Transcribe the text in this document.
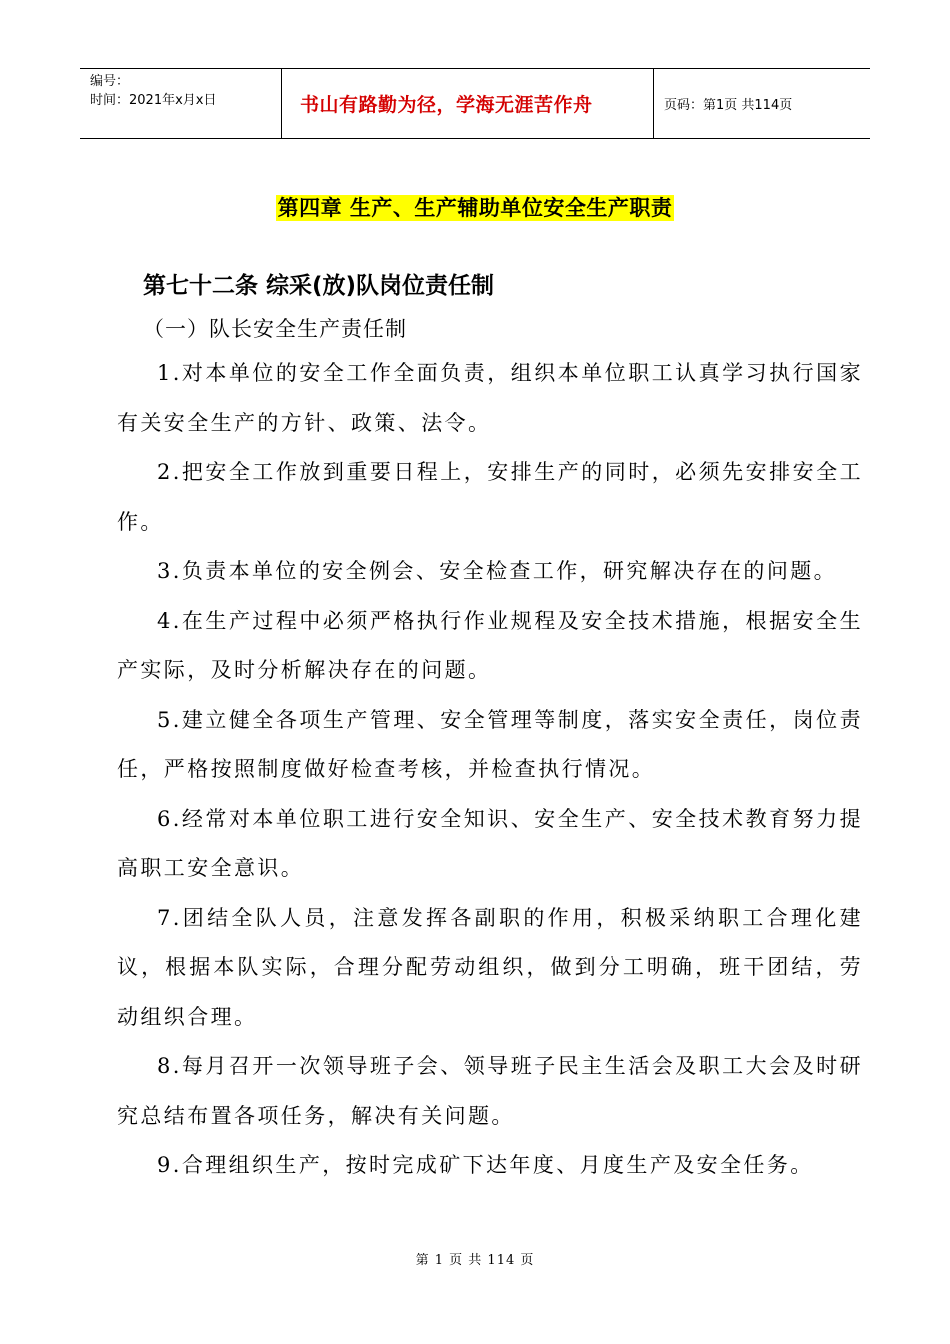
编号：
时间：2021年x月x日	书山有路勤为径，学海无涯苦作舟	页码：第1页 共114页
第四章 生产、生产辅助单位安全生产职责
第七十二条 综采(放)队岗位责任制
（一）队长安全生产责任制

1.对本单位的安全工作全面负责，组织本单位职工认真学习执行国家有关安全生产的方针、政策、法令。

2.把安全工作放到重要日程上，安排生产的同时，必须先安排安全工作。

3.负责本单位的安全例会、安全检查工作，研究解决存在的问题。

4.在生产过程中必须严格执行作业规程及安全技术措施，根据安全生产实际，及时分析解决存在的问题。

5.建立健全各项生产管理、安全管理等制度，落实安全责任，岗位责任，严格按照制度做好检查考核，并检查执行情况。

6.经常对本单位职工进行安全知识、安全生产、安全技术教育努力提高职工安全意识。

7.团结全队人员，注意发挥各副职的作用，积极采纳职工合理化建议，根据本队实际，合理分配劳动组织，做到分工明确，班干团结，劳动组织合理。

8.每月召开一次领导班子会、领导班子民主生活会及职工大会及时研究总结布置各项任务，解决有关问题。

9.合理组织生产，按时完成矿下达年度、月度生产及安全任务。

第 1 页 共 114 页
